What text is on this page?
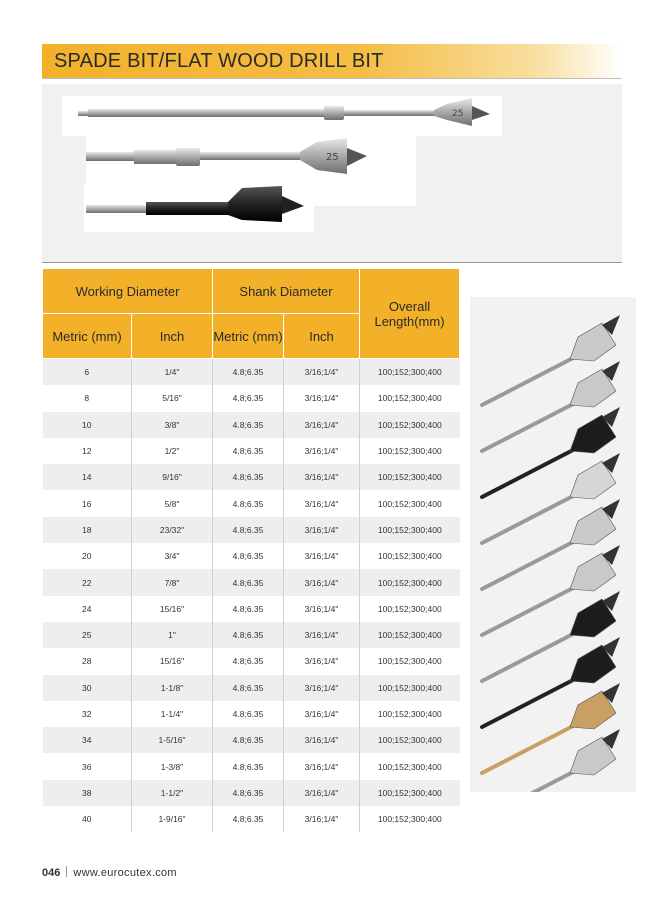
SPADE BIT/FLAT WOOD DRILL BIT
25
25
Working Diameter		Shank Diameter		Overall Length(mm)
Metric (mm)	Inch	Metric (mm)	Inch	
6	1/4"	4.8;6.35	3/16;1/4"	100;152;300;400
8	5/16"	4.8;6.35	3/16;1/4"	100;152;300;400
10	3/8"	4.8;6.35	3/16;1/4"	100;152;300;400
12	1/2"	4.8;6.35	3/16;1/4"	100;152;300;400
14	9/16"	4.8;6.35	3/16;1/4"	100;152;300;400
16	5/8"	4.8;6.35	3/16;1/4"	100;152;300;400
18	23/32"	4.8;6.35	3/16;1/4"	100;152;300;400
20	3/4"	4.8;6.35	3/16;1/4"	100;152;300;400
22	7/8"	4.8;6.35	3/16;1/4"	100;152;300;400
24	15/16"	4.8;6.35	3/16;1/4"	100;152;300;400
25	1"	4.8;6.35	3/16;1/4"	100;152;300;400
28	15/16"	4.8;6.35	3/16;1/4"	100;152;300;400
30	1-1/8"	4.8;6.35	3/16;1/4"	100;152;300;400
32	1-1/4"	4.8;6.35	3/16;1/4"	100;152;300;400
34	1-5/16"	4.8;6.35	3/16;1/4"	100;152;300;400
36	1-3/8"	4.8;6.35	3/16;1/4"	100;152;300;400
38	1-1/2"	4.8;6.35	3/16;1/4"	100;152;300;400
40	1-9/16"	4.8;6.35	3/16;1/4"	100;152;300;400
046 www.eurocutex.com
